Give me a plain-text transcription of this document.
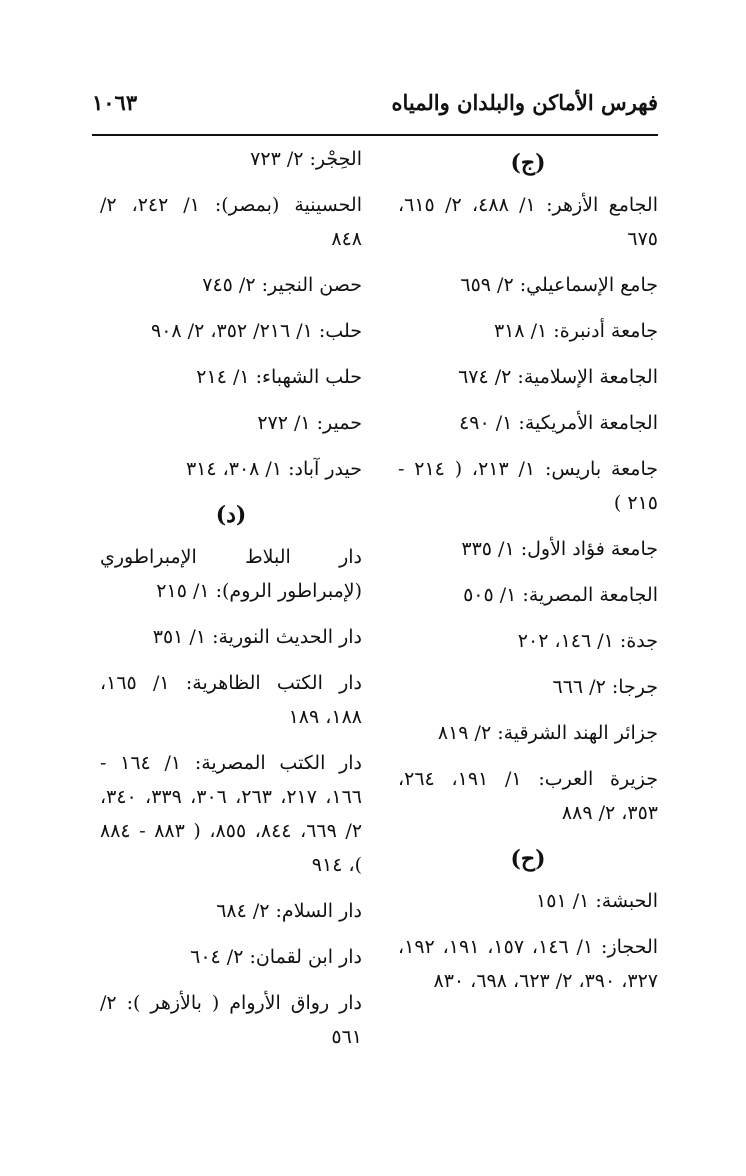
فهرس الأماكن والبلدان والمياه
١٠٦٣
(ج)
الجامع الأزهر: ١/ ٤٨٨، ٢/ ٦١٥، ٦٧٥
جامع الإسماعيلي: ٢/ ٦٥٩
جامعة أدنبرة: ١/ ٣١٨
الجامعة الإسلامية: ٢/ ٦٧٤
الجامعة الأمريكية: ١/ ٤٩٠
جامعة باريس: ١/ ٢١٣، ( ٢١٤ - ٢١٥ )
جامعة فؤاد الأول: ١/ ٣٣٥
الجامعة المصرية: ١/ ٥٠٥
جدة: ١/ ١٤٦، ٢٠٢
جرجا: ٢/ ٦٦٦
جزائر الهند الشرقية: ٢/ ٨١٩
جزيرة العرب: ١/ ١٩١، ٢٦٤، ٣٥٣، ٢/ ٨٨٩
(ح)
الحبشة: ١/ ١٥١
الحجاز: ١/ ١٤٦، ١٥٧، ١٩١، ١٩٢، ٣٢٧، ٣٩٠، ٢/ ٦٢٣، ٦٩٨، ٨٣٠
الحِجْر: ٢/ ٧٢٣
الحسينية (بمصر): ١/ ٢٤٢، ٢/ ٨٤٨
حصن النجير: ٢/ ٧٤٥
حلب: ١/ ٢١٦/ ٣٥٢، ٢/ ٩٠٨
حلب الشهباء: ١/ ٢١٤
حمير: ١/ ٢٧٢
حيدر آباد: ١/ ٣٠٨، ٣١٤
(د)
دار البلاط الإمبراطوري (لإمبراطور الروم): ١/ ٢١٥
دار الحديث النورية: ١/ ٣٥١
دار الكتب الظاهرية: ١/ ١٦٥، ١٨٨، ١٨٩
دار الكتب المصرية: ١/ ١٦٤ - ١٦٦، ٢١٧، ٢٦٣، ٣٠٦، ٣٣٩، ٣٤٠، ٢/ ٦٦٩، ٨٤٤، ٨٥٥، ( ٨٨٣ - ٨٨٤ )، ٩١٤
دار السلام: ٢/ ٦٨٤
دار ابن لقمان: ٢/ ٦٠٤
دار رواق الأروام ( بالأزهر ): ٢/ ٥٦١
